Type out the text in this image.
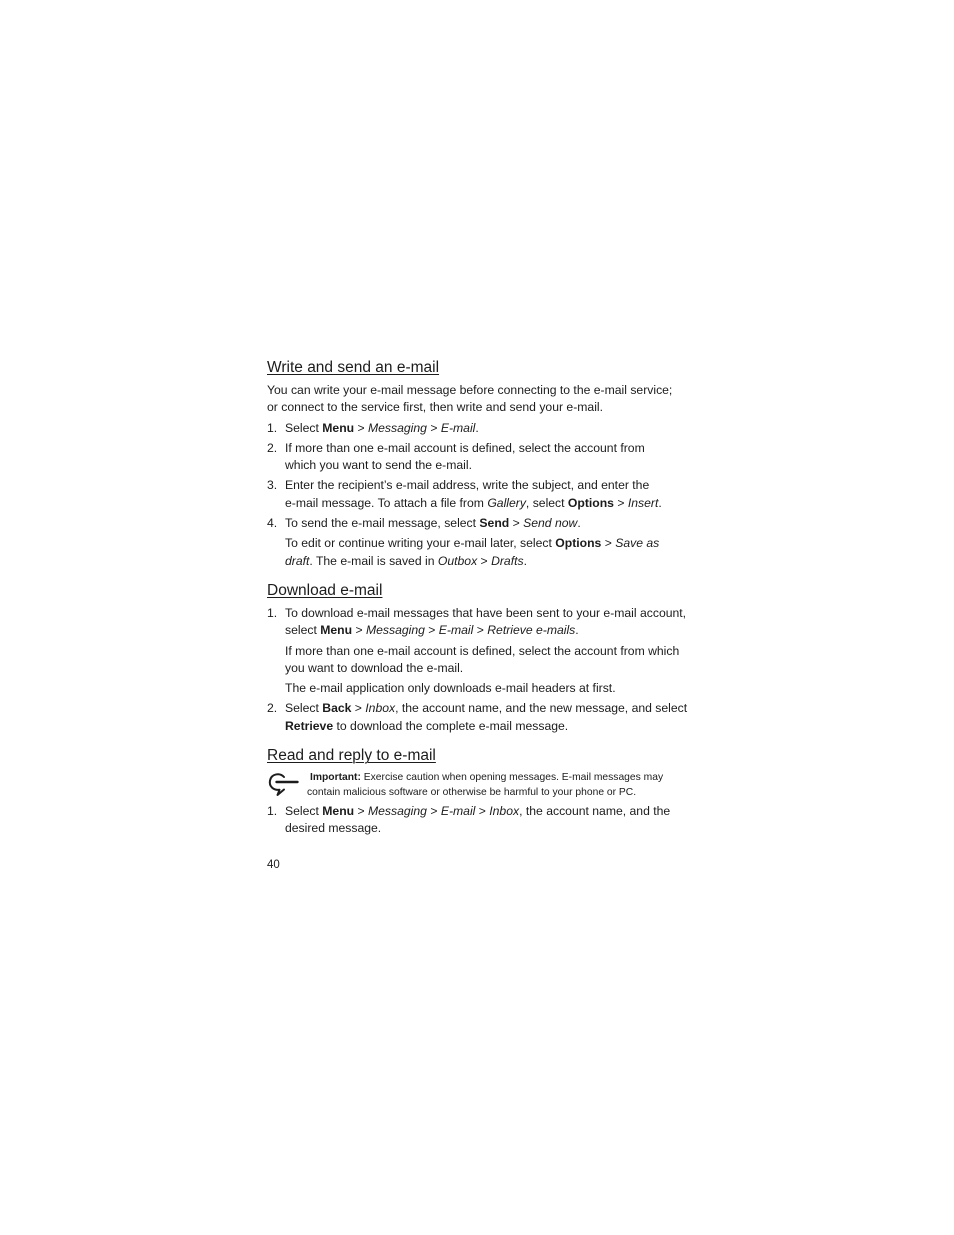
Write and send an e-mail
You can write your e-mail message before connecting to the e-mail service;
or connect to the service first, then write and send your e-mail.
1. Select Menu > Messaging > E-mail.
2. If more than one e-mail account is defined, select the account from
which you want to send the e-mail.
3. Enter the recipient’s e-mail address, write the subject, and enter the
e-mail message. To attach a file from Gallery, select Options > Insert.
4. To send the e-mail message, select Send > Send now.
To edit or continue writing your e-mail later, select Options > Save as
draft. The e-mail is saved in Outbox > Drafts.
Download e-mail
1. To download e-mail messages that have been sent to your e-mail account,
select Menu > Messaging > E-mail > Retrieve e-mails.
If more than one e-mail account is defined, select the account from which
you want to download the e-mail.
The e-mail application only downloads e-mail headers at first.
2. Select Back > Inbox, the account name, and the new message, and select
Retrieve to download the complete e-mail message.
Read and reply to e-mail
Important: Exercise caution when opening messages. E-mail messages may
contain malicious software or otherwise be harmful to your phone or PC.
1. Select Menu > Messaging > E-mail > Inbox, the account name, and the
desired message.
40
